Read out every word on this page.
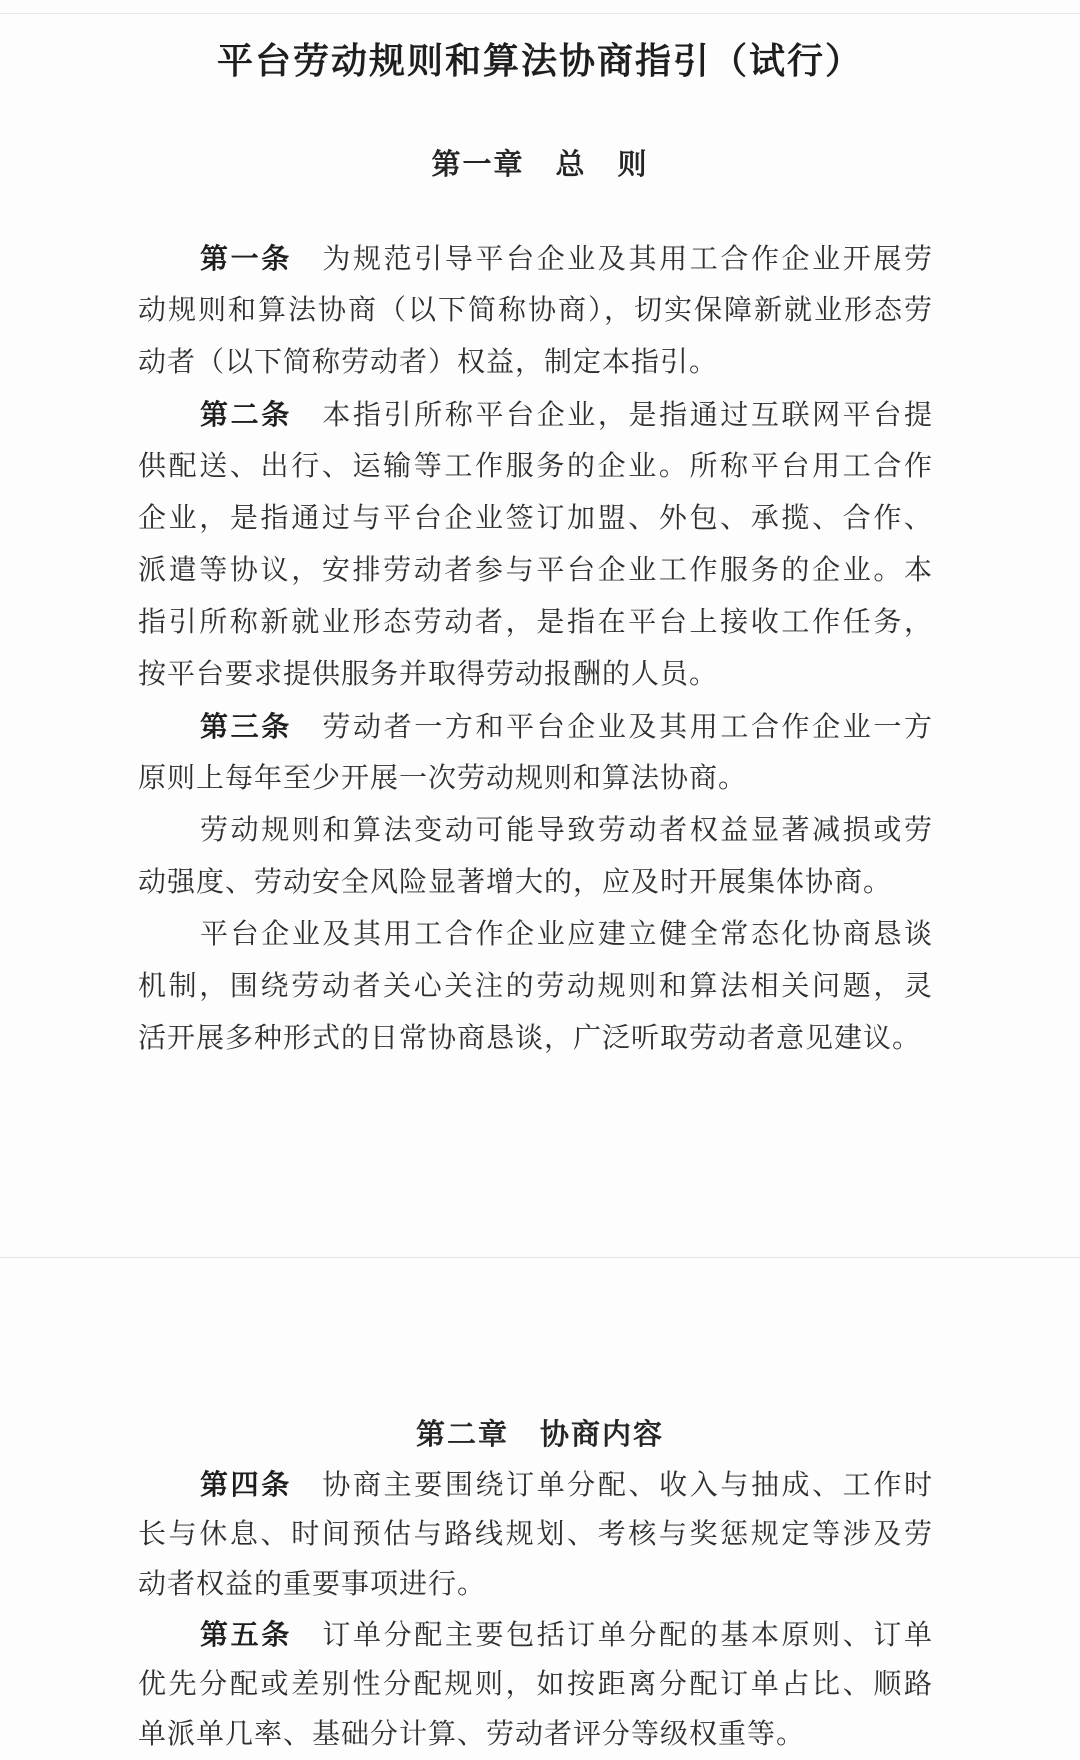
平台劳动规则和算法协商指引（试行）
第一章　总　则
第一条　为规范引导平台企业及其用工合作企业开展劳
动规则和算法协商（以下简称协商），切实保障新就业形态劳
动者（以下简称劳动者）权益，制定本指引。
第二条　本指引所称平台企业，是指通过互联网平台提
供配送、出行、运输等工作服务的企业。所称平台用工合作
企业，是指通过与平台企业签订加盟、外包、承揽、合作、
派遣等协议，安排劳动者参与平台企业工作服务的企业。本
指引所称新就业形态劳动者，是指在平台上接收工作任务，
按平台要求提供服务并取得劳动报酬的人员。
第三条　劳动者一方和平台企业及其用工合作企业一方
原则上每年至少开展一次劳动规则和算法协商。
劳动规则和算法变动可能导致劳动者权益显著减损或劳
动强度、劳动安全风险显著增大的，应及时开展集体协商。
平台企业及其用工合作企业应建立健全常态化协商恳谈
机制，围绕劳动者关心关注的劳动规则和算法相关问题，灵
活开展多种形式的日常协商恳谈，广泛听取劳动者意见建议。
第二章　协商内容
第四条　协商主要围绕订单分配、收入与抽成、工作时
长与休息、时间预估与路线规划、考核与奖惩规定等涉及劳
动者权益的重要事项进行。
第五条　订单分配主要包括订单分配的基本原则、订单
优先分配或差别性分配规则，如按距离分配订单占比、顺路
单派单几率、基础分计算、劳动者评分等级权重等。
